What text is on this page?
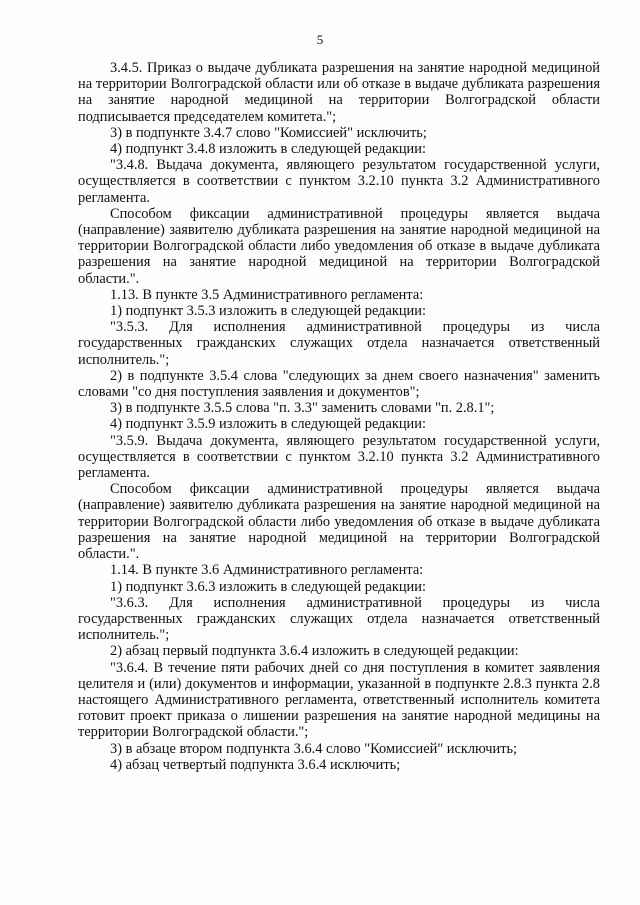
5

3.4.5. Приказ о выдаче дубликата разрешения на занятие народной медициной на территории Волгоградской области или об отказе в выдаче дубликата разрешения на занятие народной медициной на территории Волгоградской области подписывается председателем комитета.";

3) в подпункте 3.4.7 слово "Комиссией" исключить;

4) подпункт 3.4.8 изложить в следующей редакции:

"3.4.8. Выдача документа, являющего результатом государственной услуги, осуществляется в соответствии с пунктом 3.2.10 пункта 3.2 Административного регламента.

Способом фиксации административной процедуры является выдача (направление) заявителю дубликата разрешения на занятие народной медициной на территории Волгоградской области либо уведомления об отказе в выдаче дубликата разрешения на занятие народной медициной на территории Волгоградской области.".

1.13. В пункте 3.5 Административного регламента:

1) подпункт 3.5.3 изложить в следующей редакции:

"3.5.3. Для исполнения административной процедуры из числа государственных гражданских служащих отдела назначается ответственный исполнитель.";

2) в подпункте 3.5.4 слова "следующих за днем своего назначения" заменить словами "со дня поступления заявления и документов";

3) в подпункте 3.5.5 слова "п. 3.3" заменить словами "п. 2.8.1";

4) подпункт 3.5.9 изложить в следующей редакции:

"3.5.9. Выдача документа, являющего результатом государственной услуги, осуществляется в соответствии с пунктом 3.2.10 пункта 3.2 Административного регламента.

Способом фиксации административной процедуры является выдача (направление) заявителю дубликата разрешения на занятие народной медициной на территории Волгоградской области либо уведомления об отказе в выдаче дубликата разрешения на занятие народной медициной на территории Волгоградской области.".

1.14. В пункте 3.6 Административного регламента:

1) подпункт 3.6.3 изложить в следующей редакции:

"3.6.3. Для исполнения административной процедуры из числа государственных гражданских служащих отдела назначается ответственный исполнитель.";

2) абзац первый подпункта 3.6.4 изложить в следующей редакции:

"3.6.4. В течение пяти рабочих дней со дня поступления в комитет заявления целителя и (или) документов и информации, указанной в подпункте 2.8.3 пункта 2.8 настоящего Административного регламента, ответственный исполнитель комитета готовит проект приказа о лишении разрешения на занятие народной медицины на территории Волгоградской области.";

3) в абзаце втором подпункта 3.6.4 слово "Комиссией" исключить;

4) абзац четвертый подпункта 3.6.4 исключить;
